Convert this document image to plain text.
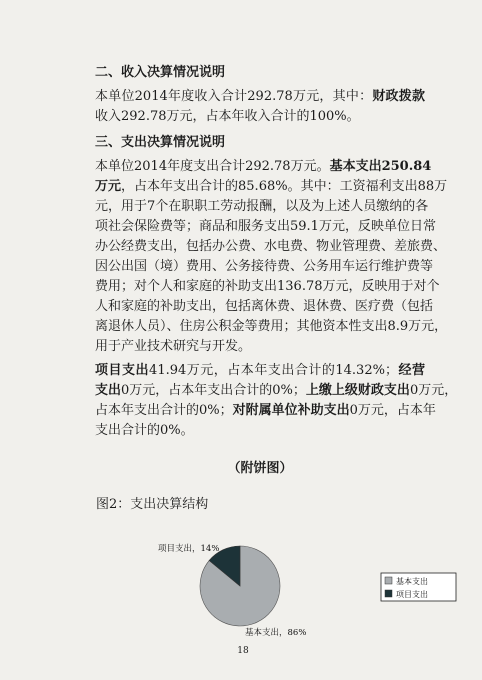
二、收入决算情况说明
本单位2014年度收入合计292.78万元，其中：财政拨款
收入292.78万元，占本年收入合计的100%。
三、支出决算情况说明
本单位2014年度支出合计292.78万元。基本支出250.84
万元，占本年支出合计的85.68%。其中：工资福利支出88万
元，用于7个在职职工劳动报酬，以及为上述人员缴纳的各
项社会保险费等；商品和服务支出59.1万元，反映单位日常
办公经费支出，包括办公费、水电费、物业管理费、差旅费、
因公出国（境）费用、公务接待费、公务用车运行维护费等
费用；对个人和家庭的补助支出136.78万元，反映用于对个
人和家庭的补助支出，包括离休费、退休费、医疗费（包括
离退休人员）、住房公积金等费用；其他资本性支出8.9万元，
用于产业技术研究与开发。
项目支出41.94万元，占本年支出合计的14.32%；经营
支出0万元，占本年支出合计的0%；上缴上级财政支出0万元，
占本年支出合计的0%；对附属单位补助支出0万元，占本年
支出合计的0%。
（附饼图）
图2：支出决算结构
项目支出，14%
基本支出，86%
基本支出
项目支出
18
